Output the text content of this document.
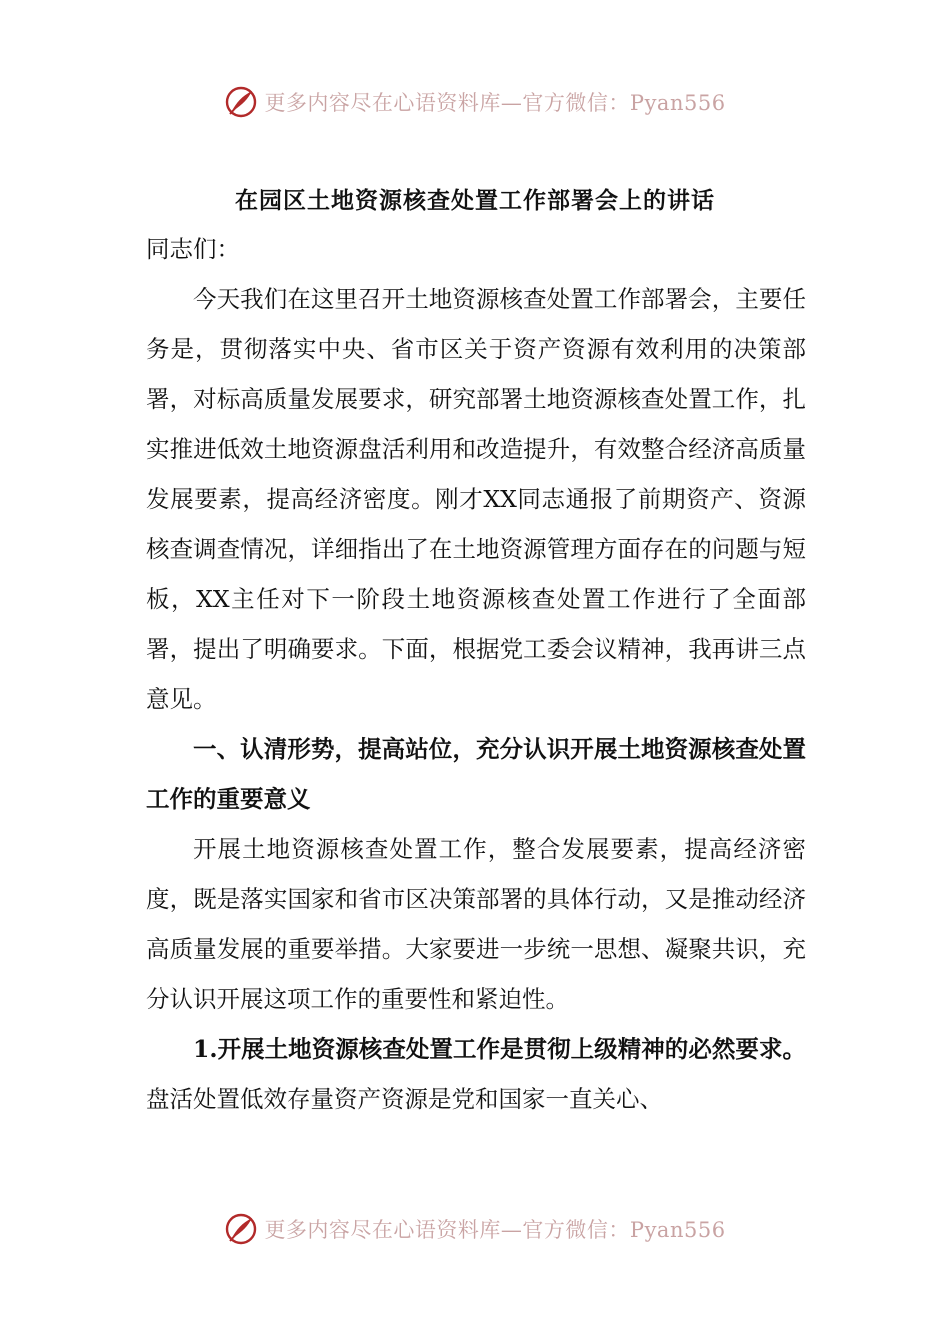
更多内容尽在心语资料库—官方微信：Pyan556
在园区土地资源核查处置工作部署会上的讲话

同志们：

今天我们在这里召开土地资源核查处置工作部署会，主要任务是，贯彻落实中央、省市区关于资产资源有效利用的决策部署，对标高质量发展要求，研究部署土地资源核查处置工作，扎实推进低效土地资源盘活利用和改造提升，有效整合经济高质量发展要素，提高经济密度。刚才XX同志通报了前期资产、资源核查调查情况，详细指出了在土地资源管理方面存在的问题与短板，XX主任对下一阶段土地资源核查处置工作进行了全面部署，提出了明确要求。下面，根据党工委会议精神，我再讲三点意见。

一、认清形势，提高站位，充分认识开展土地资源核查处置工作的重要意义

开展土地资源核查处置工作，整合发展要素，提高经济密度，既是落实国家和省市区决策部署的具体行动，又是推动经济高质量发展的重要举措。大家要进一步统一思想、凝聚共识，充分认识开展这项工作的重要性和紧迫性。

1.开展土地资源核查处置工作是贯彻上级精神的必然要求。盘活处置低效存量资产资源是党和国家一直关心、

更多内容尽在心语资料库—官方微信：Pyan556
